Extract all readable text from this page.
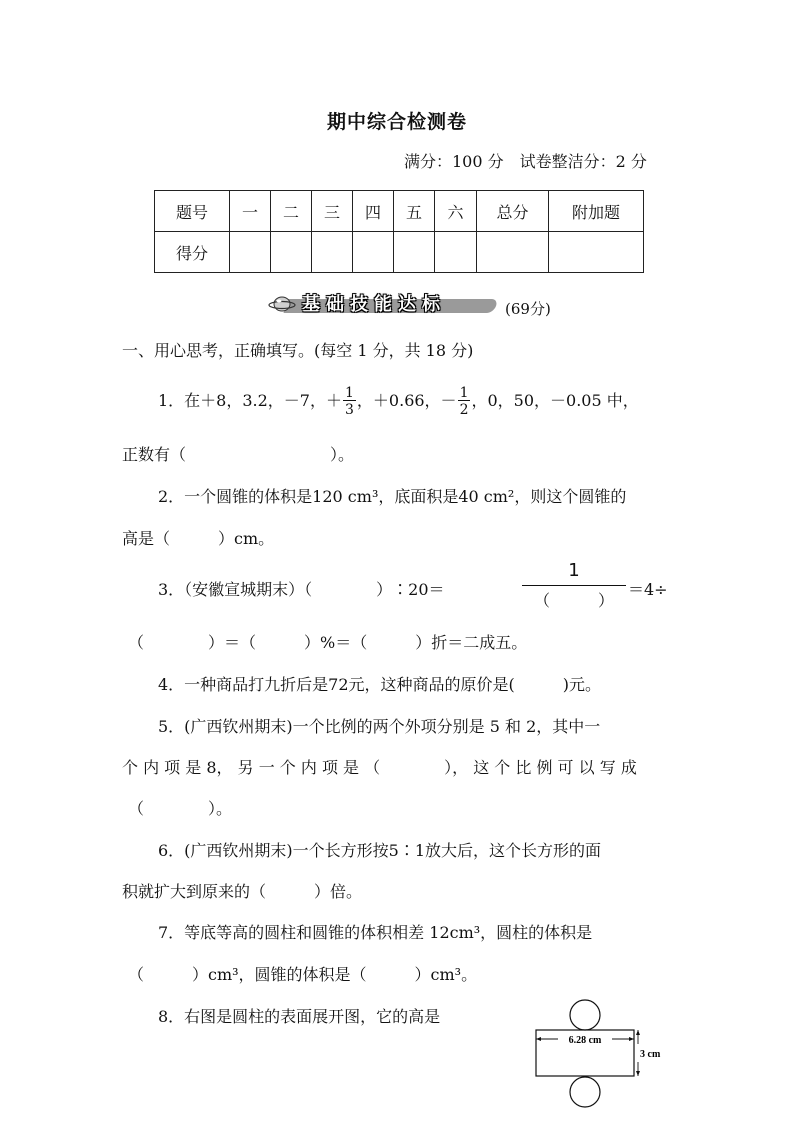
期中综合检测卷
满分：100 分 试卷整洁分：2 分
题号	一	二	三	四	五	六	总分	附加题
得分								
基础技能达标	(69分)
一、用心思考，正确填写。(每空 1 分，共 18 分)
1．在＋8，3.2，－7，＋ $\frac{1}{3}$ ，＋0.66，－ $\frac{1}{2}$ ，0，50，－0.05 中，
正数有（　　　　　　　　　）。
2．一个圆锥的体积是120 cm³，底面积是40 cm²，则这个圆锥的
高是（　　　）cm。
3．（安徽宣城期末）（　　　　）∶20＝
1
（　　　）
＝4÷
（　　　　）＝（　　　）%＝（　　　）折＝二成五。
4．一种商品打九折后是72元，这种商品的原价是(　　　)元。
5．(广西钦州期末)一个比例的两个外项分别是 5 和 2，其中一
个 内 项 是 8， 另 一 个 内 项 是 （　　　　）， 这 个 比 例 可 以 写 成
（　　　　）。
6．(广西钦州期末)一个长方形按5∶1放大后，这个长方形的面
积就扩大到原来的（　　　）倍。
7．等底等高的圆柱和圆锥的体积相差 12cm³，圆柱的体积是
（　　　）cm³，圆锥的体积是（　　　）cm³。
8．右图是圆柱的表面展开图，它的高是
6.28 cm
3 cm
